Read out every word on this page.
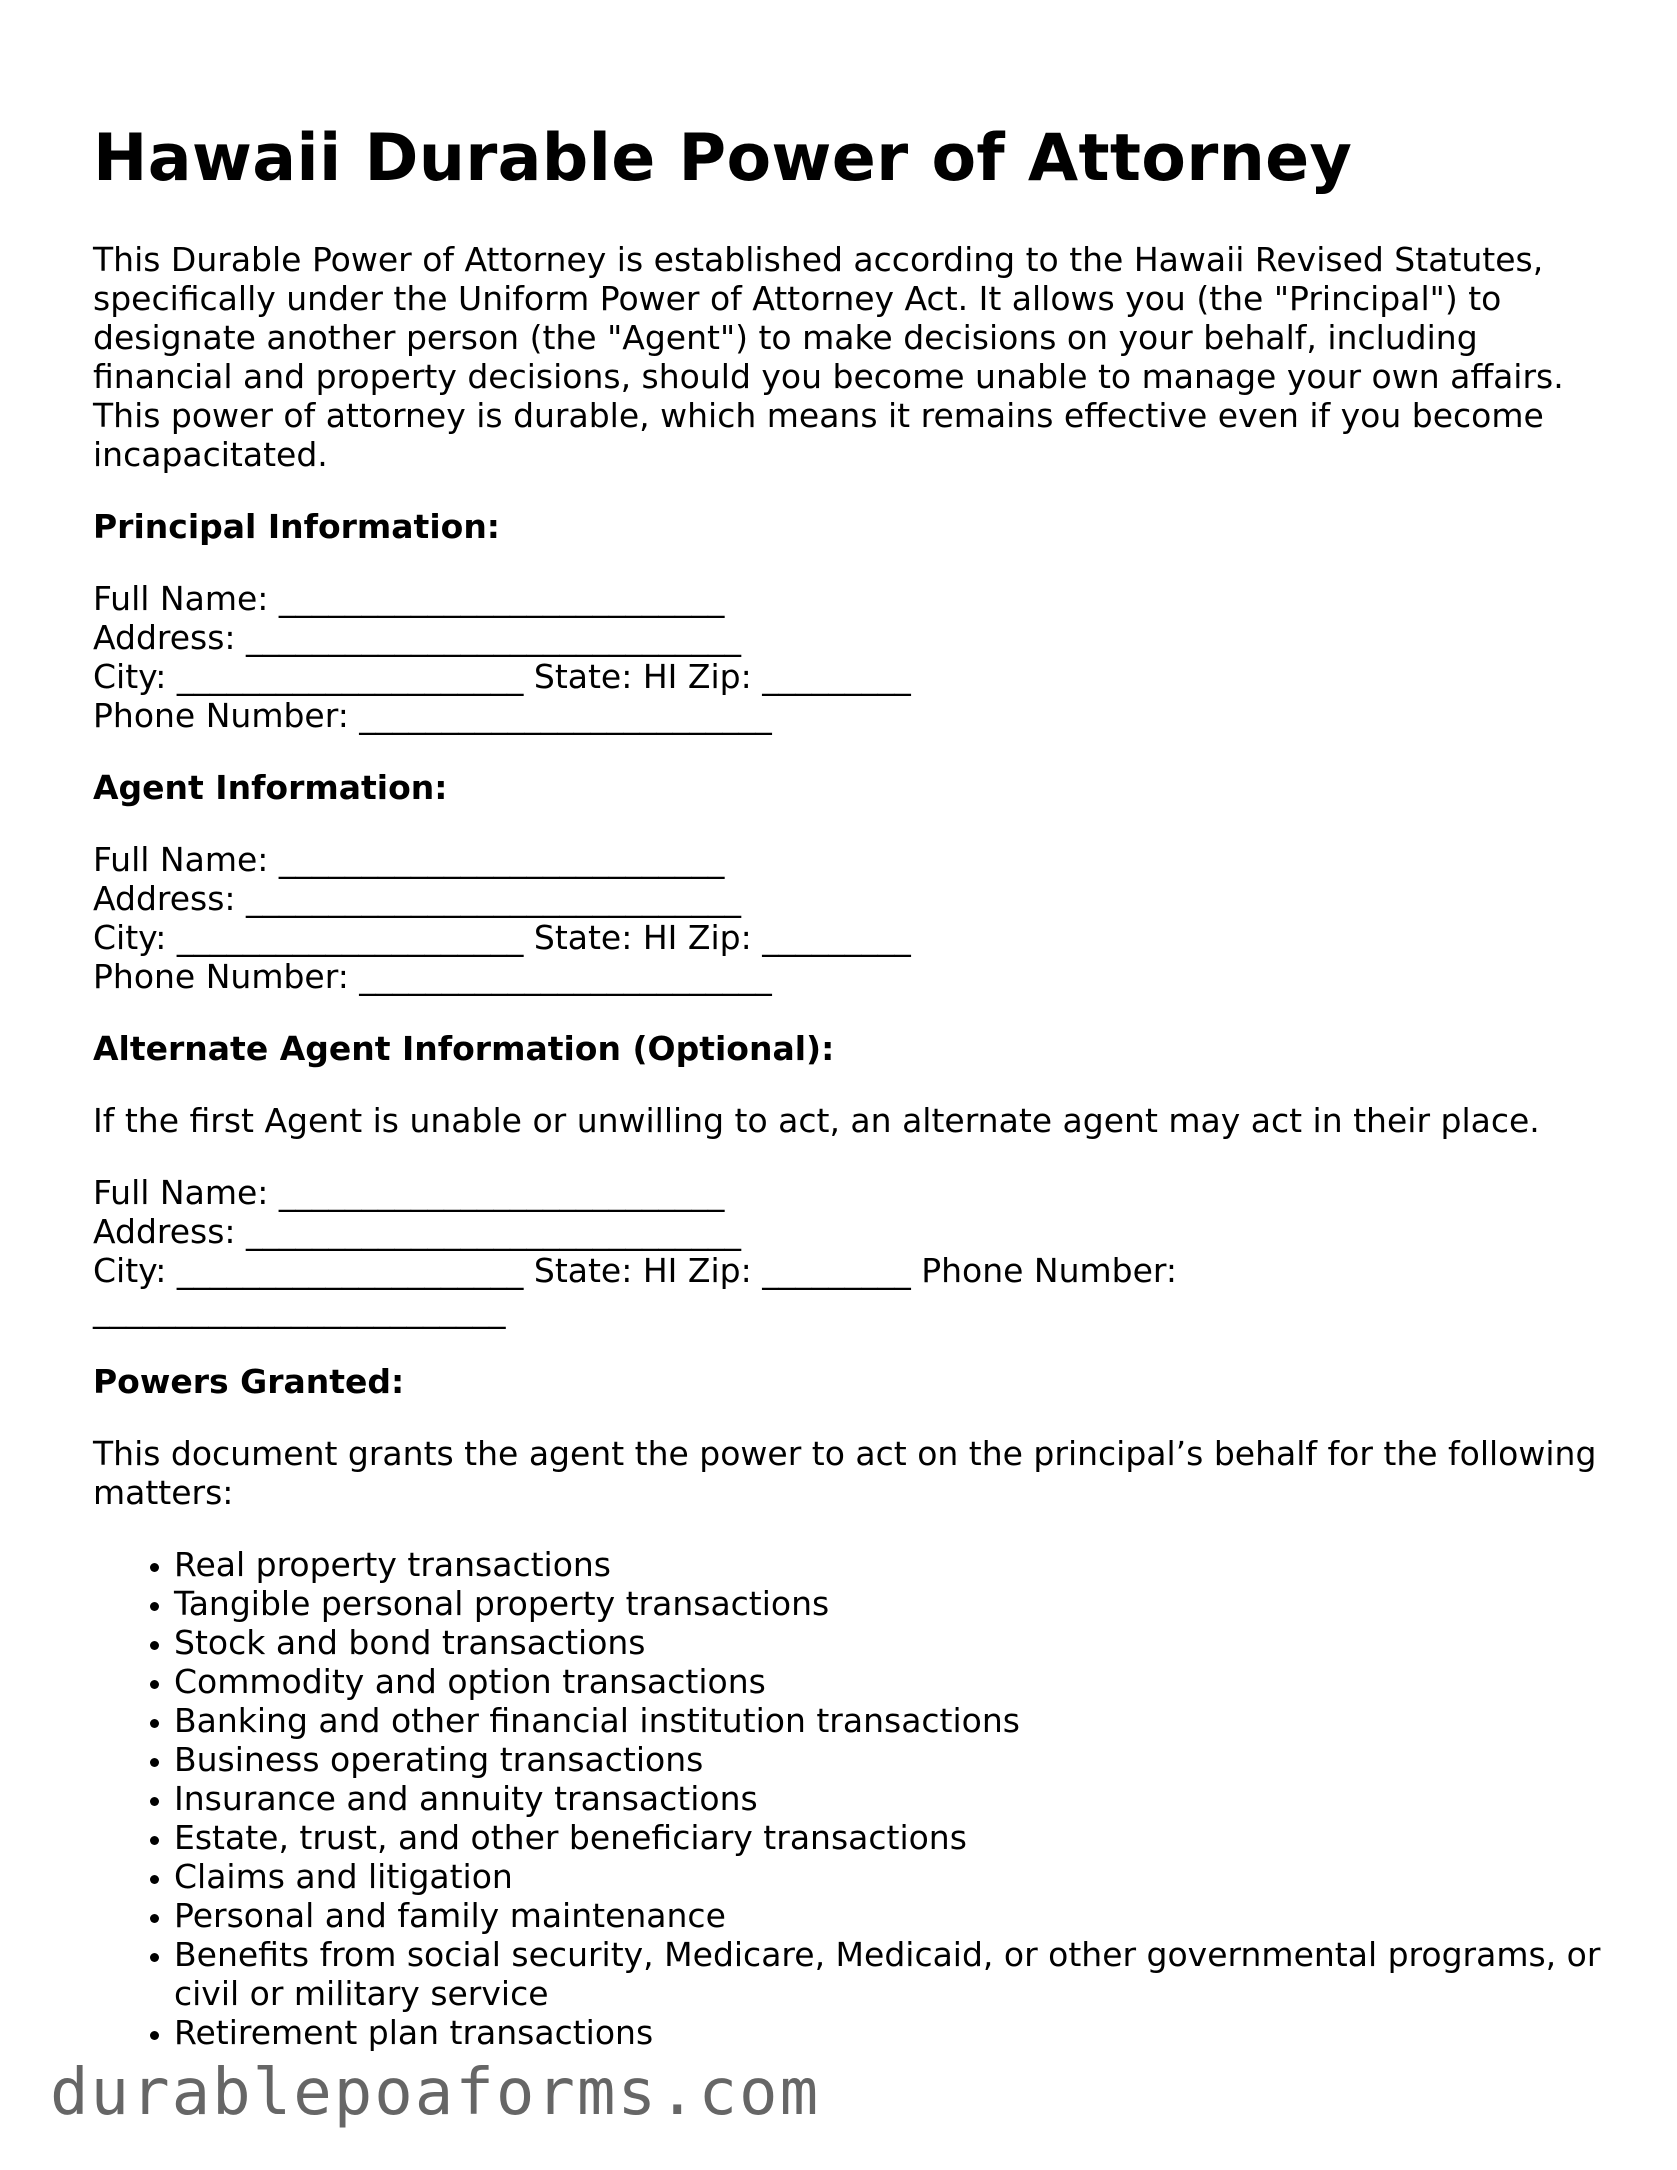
Hawaii Durable Power of Attorney

This Durable Power of Attorney is established according to the Hawaii Revised Statutes, specifically under the Uniform Power of Attorney Act. It allows you (the "Principal") to designate another person (the "Agent") to make decisions on your behalf, including financial and property decisions, should you become unable to manage your own affairs. This power of attorney is durable, which means it remains effective even if you become incapacitated.

Principal Information:
Full Name: ___________________________
Address: ______________________________
City: _____________________ State: HI Zip: _________
Phone Number: _________________________
Agent Information:
Full Name: ___________________________
Address: ______________________________
City: _____________________ State: HI Zip: _________
Phone Number: _________________________
Alternate Agent Information (Optional):

If the first Agent is unable or unwilling to act, an alternate agent may act in their place.

Full Name: ___________________________
Address: ______________________________
City: _____________________ State: HI Zip: _________ Phone Number:
_________________________
Powers Granted:

This document grants the agent the power to act on the principal’s behalf for the following matters:

• Real property transactions
• Tangible personal property transactions
• Stock and bond transactions
• Commodity and option transactions
• Banking and other financial institution transactions
• Business operating transactions
• Insurance and annuity transactions
• Estate, trust, and other beneficiary transactions
• Claims and litigation
• Personal and family maintenance
• Benefits from social security, Medicare, Medicaid, or other governmental programs, or civil or military service
• Retirement plan transactions
durablepoaforms.com
